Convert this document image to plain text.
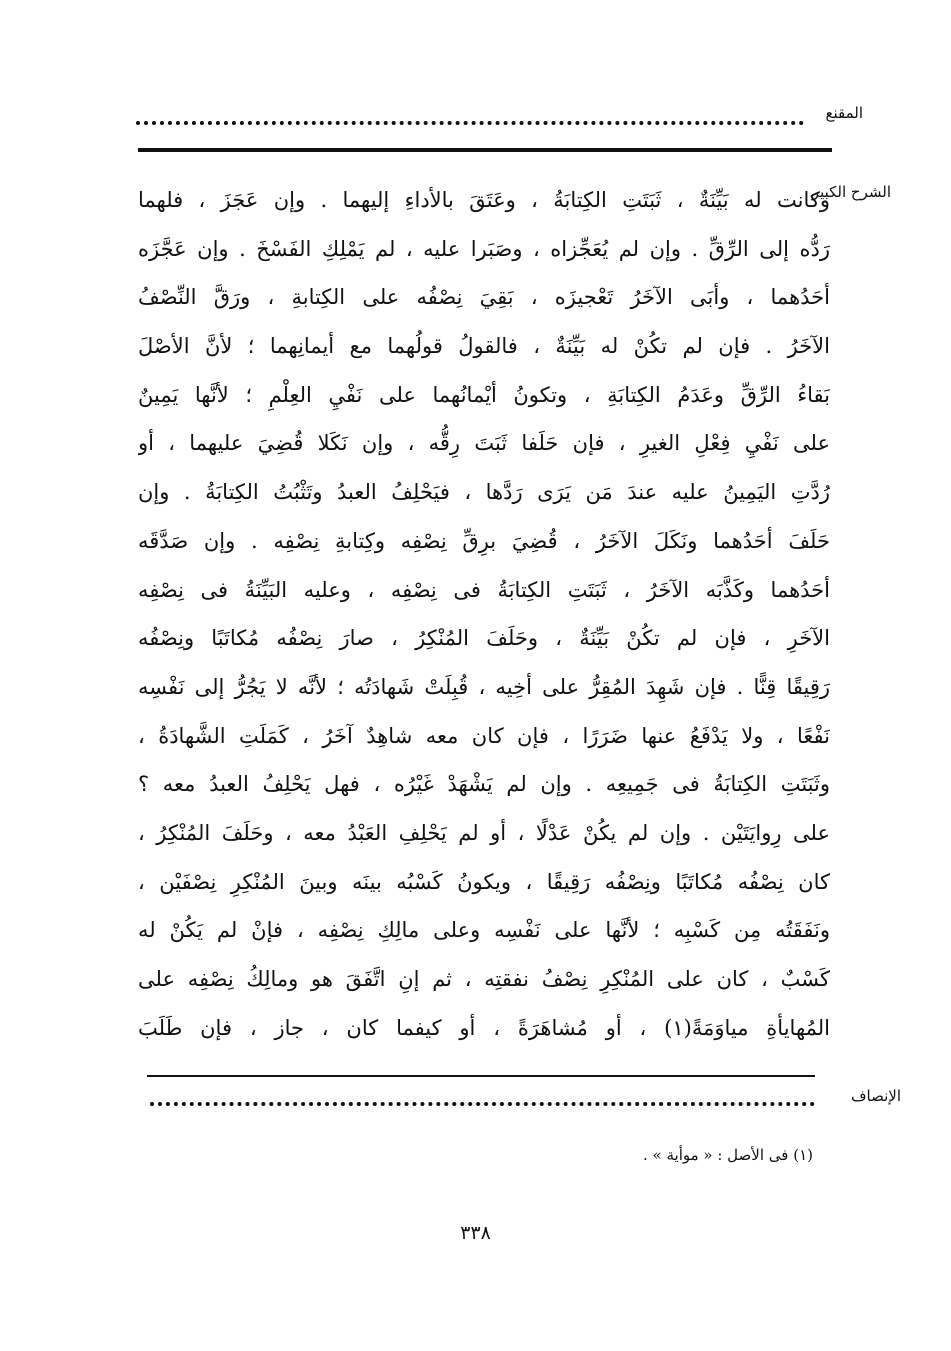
المقنع
الشرح الكبير
وكانت له بَيِّنَةٌ ، ثَبَتَتِ الكِتابَةُ ، وعَتَقَ بالأداءِ إليهما . وإن عَجَزَ ، فلهما
رَدُّه إلى الرِّقِّ . وإن لم يُعَجِّزاه ، وصَبَرا عليه ، لم يَمْلِكِ الفَسْخَ . وإن عَجَّزَه
أحَدُهما ، وأبَى الآخَرُ تَعْجيزَه ، بَقِيَ نِصْفُه على الكِتابةِ ، ورَقَّ النِّصْفُ
الآخَرُ . فإن لم تكُنْ له بَيِّنَةٌ ، فالقولُ قولُهما مع أيمانِهما ؛ لأنَّ الأصْلَ
بَقاءُ الرِّقِّ وعَدَمُ الكِتابَةِ ، وتكونُ أيْمانُهما على نَفْيِ العِلْمِ ؛ لأنَّها يَمِينٌ
على نَفْيِ فِعْلِ الغيرِ ، فإن حَلَفا ثَبَتَ رِقُّه ، وإن نَكَلا قُضِيَ عليهما ، أو
رُدَّتِ اليَمِينُ عليه عندَ مَن يَرَى رَدَّها ، فيَحْلِفُ العبدُ وتَثْبُتُ الكِتابَةُ . وإن
حَلَفَ أحَدُهما ونَكَلَ الآخَرُ ، قُضِيَ برِقِّ نِصْفِه وكِتابةِ نِصْفِه . وإن صَدَّقَه
أحَدُهما وكَذَّبَه الآخَرُ ، ثَبَتَتِ الكِتابَةُ فى نِصْفِه ، وعليه البَيِّنَةُ فى نِصْفِه
الآخَرِ ، فإن لم تكُنْ بَيِّنَةٌ ، وحَلَفَ المُنْكِرُ ، صارَ نِصْفُه مُكاتَبًا ونِصْفُه
رَقِيقًا قِنًّا . فإن شَهِدَ المُقِرُّ على أخِيه ، قُبِلَتْ شَهادَتُه ؛ لأنَّه لا يَجُرُّ إلى نَفْسِه
نَفْعًا ، ولا يَدْفَعُ عنها ضَرَرًا ، فإن كان معه شاهِدٌ آخَرُ ، كَمَلَتِ الشَّهادَةُ ،
وثَبَتَتِ الكِتابَةُ فى جَمِيعِه . وإن لم يَشْهَدْ غَيْرُه ، فهل يَحْلِفُ العبدُ معه ؟
على رِوايَتَيْن . وإن لم يكُنْ عَدْلًا ، أو لم يَحْلِفِ العَبْدُ معه ، وحَلَفَ المُنْكِرُ ،
كان نِصْفُه مُكاتَبًا ونِصْفُه رَقِيقًا ، ويكونُ كَسْبُه بينَه وبينَ المُنْكِرِ نِصْفَيْن ،
ونَفَقَتُه مِن كَسْبِه ؛ لأنَّها على نَفْسِه وعلى مالِكِ نِصْفِه ، فإنْ لم يَكُنْ له
كَسْبٌ ، كان على المُنْكِرِ نِصْفُ نفقتِه ، ثم إنِ اتَّفَقَ هو ومالِكُ نِصْفِه على
المُهايأةِ مياوَمَةً(١) ، أو مُشاهَرَةً ، أو كيفما كان ، جاز ، فإن طَلَبَ
الإنصاف
(١) فى الأصل : « موأية » .
٣٣٨
